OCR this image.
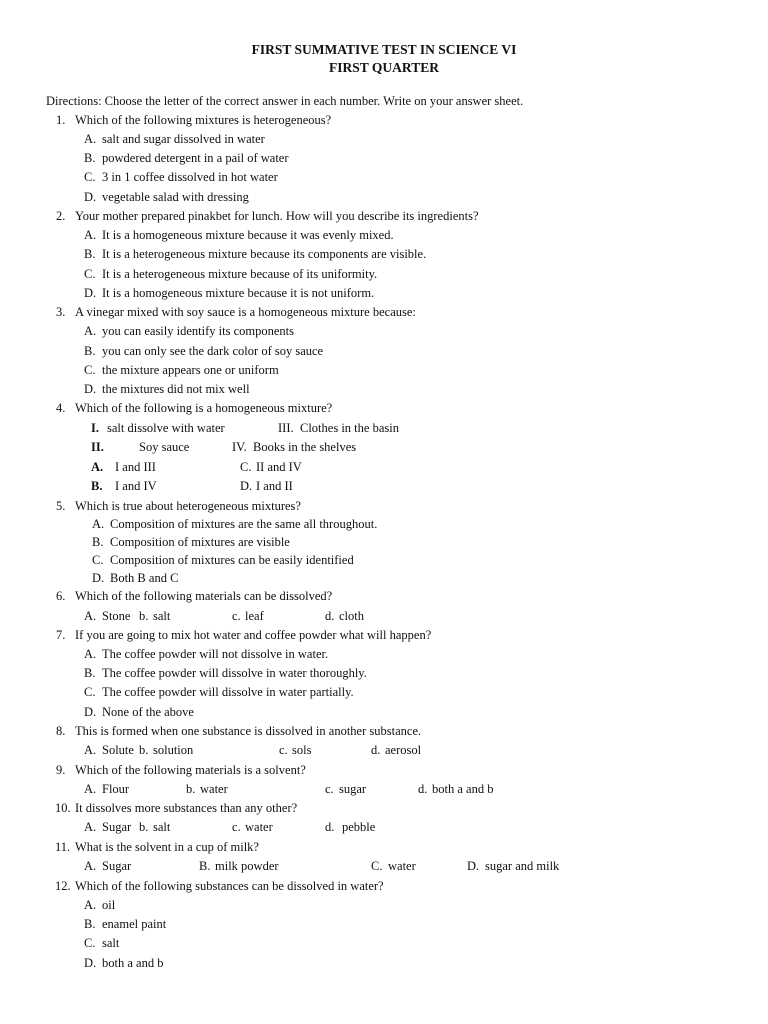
FIRST SUMMATIVE TEST IN SCIENCE VI
FIRST QUARTER
Directions: Choose the letter of the correct answer in each number. Write on your answer sheet.
1. Which of the following mixtures is heterogeneous?
A. salt and sugar dissolved in water
B. powdered detergent in a pail of water
C. 3 in 1 coffee dissolved in hot water
D. vegetable salad with dressing
2. Your mother prepared pinakbet for lunch. How will you describe its ingredients?
A. It is a homogeneous mixture because it was evenly mixed.
B. It is a heterogeneous mixture because its components are visible.
C. It is a heterogeneous mixture because of its uniformity.
D. It is a homogeneous mixture because it is not uniform.
3. A vinegar mixed with soy sauce is a homogeneous mixture because:
A. you can easily identify its components
B. you can only see the dark color of soy sauce
C. the mixture appears one or uniform
D. the mixtures did not mix well
4. Which of the following is a homogeneous mixture?
I. salt dissolve with water	III. Clothes in the basin
II.	Soy sauce	IV. Books in the shelves
A. I and III	C. II and IV
B. I and IV	D. I and II
5. Which is true about heterogeneous mixtures?
A. Composition of mixtures are the same all throughout.
B. Composition of mixtures are visible
C. Composition of mixtures can be easily identified
D. Both B and C
6. Which of the following materials can be dissolved?
A. Stone b. salt	c. leaf	d. cloth
7. If you are going to mix hot water and coffee powder what will happen?
A. The coffee powder will not dissolve in water.
B. The coffee powder will dissolve in water thoroughly.
C. The coffee powder will dissolve in water partially.
D. None of the above
8. This is formed when one substance is dissolved in another substance.
A. Solute b. solution	c. sols	d. aerosol
9. Which of the following materials is a solvent?
A. Flour	b. water	c. sugar	d. both a and b
10. It dissolves more substances than any other?
A. Sugar b. salt	c. water	d. pebble
11. What is the solvent in a cup of milk?
A. Sugar	B. milk powder	C. water	D. sugar and milk
12. Which of the following substances can be dissolved in water?
A. oil
B. enamel paint
C. salt
D. both a and b
